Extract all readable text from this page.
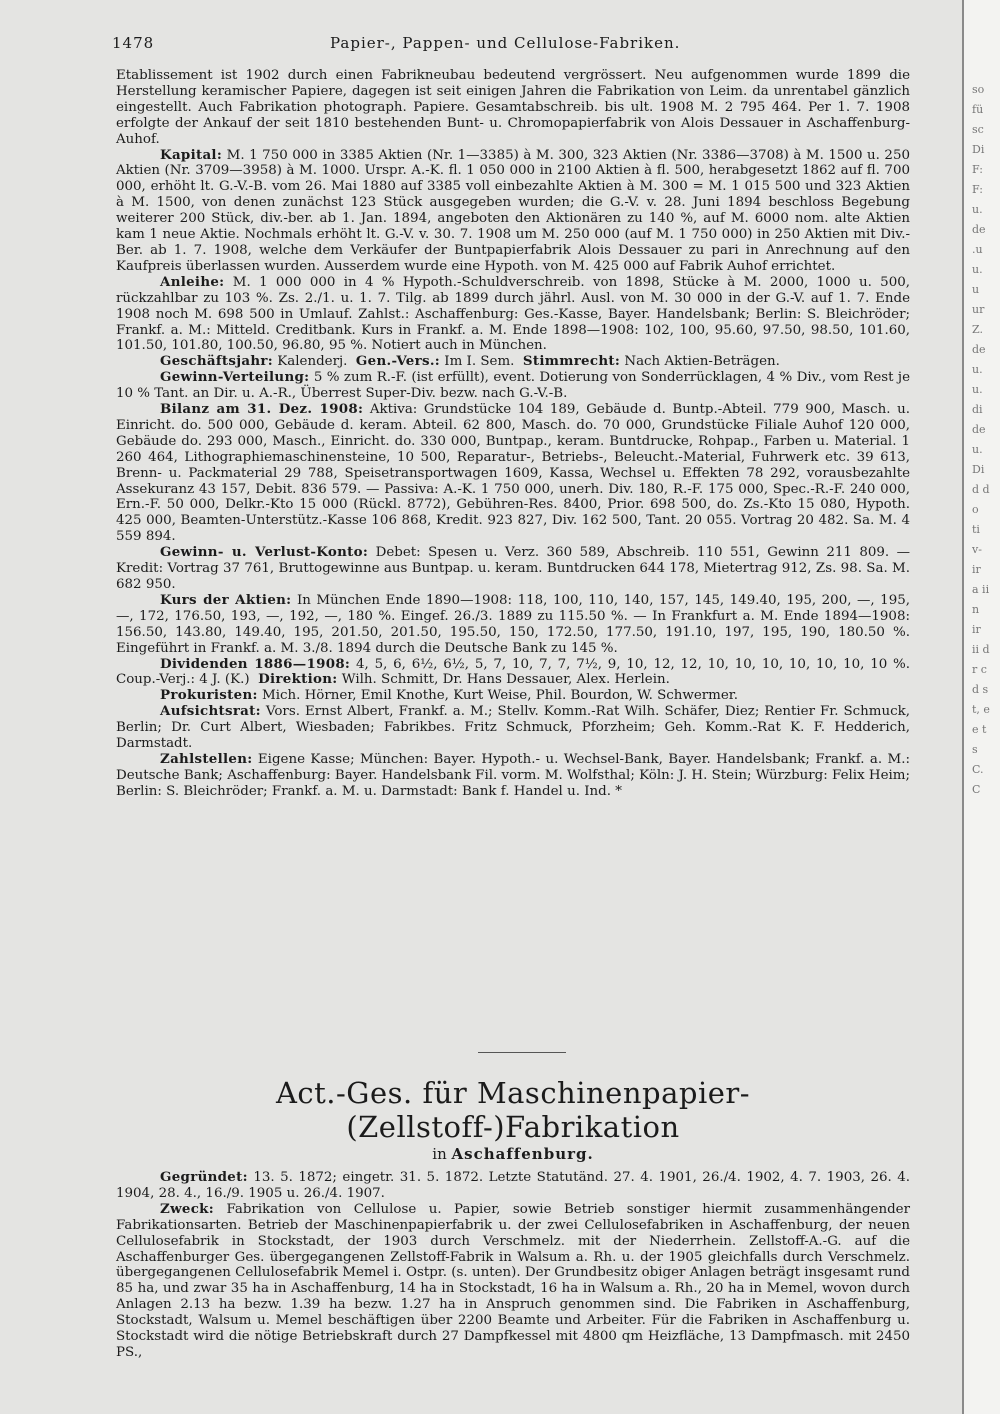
1478	Papier-, Pappen- und Cellulose-Fabriken.

Etablissement ist 1902 durch einen Fabrikneubau bedeutend vergrössert. Neu aufgenommen wurde 1899 die Herstellung keramischer Papiere, dagegen ist seit einigen Jahren die Fabrikation von Leim. da unrentabel gänzlich eingestellt. Auch Fabrikation photograph. Papiere. Gesamtabschreib. bis ult. 1908 M. 2 795 464. Per 1. 7. 1908 erfolgte der Ankauf der seit 1810 bestehenden Bunt- u. Chromopapierfabrik von Alois Dessauer in Aschaffenburg-Auhof.

Kapital: M. 1 750 000 in 3385 Aktien (Nr. 1—3385) à M. 300, 323 Aktien (Nr. 3386—3708) à M. 1500 u. 250 Aktien (Nr. 3709—3958) à M. 1000. Urspr. A.-K. fl. 1 050 000 in 2100 Aktien à fl. 500, herabgesetzt 1862 auf fl. 700 000, erhöht lt. G.-V.-B. vom 26. Mai 1880 auf 3385 voll einbezahlte Aktien à M. 300 = M. 1 015 500 und 323 Aktien à M. 1500, von denen zunächst 123 Stück ausgegeben wurden; die G.-V. v. 28. Juni 1894 beschloss Begebung weiterer 200 Stück, div.-ber. ab 1. Jan. 1894, angeboten den Aktionären zu 140 %, auf M. 6000 nom. alte Aktien kam 1 neue Aktie. Nochmals erhöht lt. G.-V. v. 30. 7. 1908 um M. 250 000 (auf M. 1 750 000) in 250 Aktien mit Div.-Ber. ab 1. 7. 1908, welche dem Verkäufer der Buntpapierfabrik Alois Dessauer zu pari in Anrechnung auf den Kaufpreis überlassen wurden. Ausserdem wurde eine Hypoth. von M. 425 000 auf Fabrik Auhof errichtet.

Anleihe: M. 1 000 000 in 4 % Hypoth.-Schuldverschreib. von 1898, Stücke à M. 2000, 1000 u. 500, rückzahlbar zu 103 %. Zs. 2./1. u. 1. 7. Tilg. ab 1899 durch jährl. Ausl. von M. 30 000 in der G.-V. auf 1. 7. Ende 1908 noch M. 698 500 in Umlauf. Zahlst.: Aschaffenburg: Ges.-Kasse, Bayer. Handelsbank; Berlin: S. Bleichröder; Frankf. a. M.: Mitteld. Creditbank. Kurs in Frankf. a. M. Ende 1898—1908: 102, 100, 95.60, 97.50, 98.50, 101.60, 101.50, 101.80, 100.50, 96.80, 95 %. Notiert auch in München.

Geschäftsjahr: Kalenderj. Gen.-Vers.: Im I. Sem. Stimmrecht: Nach Aktien-Beträgen.

Gewinn-Verteilung: 5 % zum R.-F. (ist erfüllt), event. Dotierung von Sonderrücklagen, 4 % Div., vom Rest je 10 % Tant. an Dir. u. A.-R., Überrest Super-Div. bezw. nach G.-V.-B.

Bilanz am 31. Dez. 1908: Aktiva: Grundstücke 104 189, Gebäude d. Buntp.-Abteil. 779 900, Masch. u. Einricht. do. 500 000, Gebäude d. keram. Abteil. 62 800, Masch. do. 70 000, Grundstücke Filiale Auhof 120 000, Gebäude do. 293 000, Masch., Einricht. do. 330 000, Buntpap., keram. Buntdrucke, Rohpap., Farben u. Material. 1 260 464, Lithographiemaschinensteine, 10 500, Reparatur-, Betriebs-, Beleucht.-Material, Fuhrwerk etc. 39 613, Brenn- u. Packmaterial 29 788, Speisetransportwagen 1609, Kassa, Wechsel u. Effekten 78 292, vorausbezahlte Assekuranz 43 157, Debit. 836 579. — Passiva: A.-K. 1 750 000, unerh. Div. 180, R.-F. 175 000, Spec.-R.-F. 240 000, Ern.-F. 50 000, Delkr.-Kto 15 000 (Rückl. 8772), Gebühren-Res. 8400, Prior. 698 500, do. Zs.-Kto 15 080, Hypoth. 425 000, Beamten-Unterstütz.-Kasse 106 868, Kredit. 923 827, Div. 162 500, Tant. 20 055. Vortrag 20 482. Sa. M. 4 559 894.

Gewinn- u. Verlust-Konto: Debet: Spesen u. Verz. 360 589, Abschreib. 110 551, Gewinn 211 809. — Kredit: Vortrag 37 761, Bruttogewinne aus Buntpap. u. keram. Buntdrucken 644 178, Mietertrag 912, Zs. 98. Sa. M. 682 950.

Kurs der Aktien: In München Ende 1890—1908: 118, 100, 110, 140, 157, 145, 149.40, 195, 200, —, 195, —, 172, 176.50, 193, —, 192, —, 180 %. Eingef. 26./3. 1889 zu 115.50 %. — In Frankfurt a. M. Ende 1894—1908: 156.50, 143.80, 149.40, 195, 201.50, 201.50, 195.50, 150, 172.50, 177.50, 191.10, 197, 195, 190, 180.50 %. Eingeführt in Frankf. a. M. 3./8. 1894 durch die Deutsche Bank zu 145 %.

Dividenden 1886—1908: 4, 5, 6, 6½, 6½, 5, 7, 10, 7, 7, 7½, 9, 10, 12, 12, 10, 10, 10, 10, 10, 10, 10 %. Coup.-Verj.: 4 J. (K.) Direktion: Wilh. Schmitt, Dr. Hans Dessauer, Alex. Herlein.

Prokuristen: Mich. Hörner, Emil Knothe, Kurt Weise, Phil. Bourdon, W. Schwermer.

Aufsichtsrat: Vors. Ernst Albert, Frankf. a. M.; Stellv. Komm.-Rat Wilh. Schäfer, Diez; Rentier Fr. Schmuck, Berlin; Dr. Curt Albert, Wiesbaden; Fabrikbes. Fritz Schmuck, Pforzheim; Geh. Komm.-Rat K. F. Hedderich, Darmstadt.

Zahlstellen: Eigene Kasse; München: Bayer. Hypoth.- u. Wechsel-Bank, Bayer. Handelsbank; Frankf. a. M.: Deutsche Bank; Aschaffenburg: Bayer. Handelsbank Fil. vorm. M. Wolfsthal; Köln: J. H. Stein; Würzburg: Felix Heim; Berlin: S. Bleichröder; Frankf. a. M. u. Darmstadt: Bank f. Handel u. Ind. *

Act.-Ges. für Maschinenpapier-(Zellstoff-)Fabrikation

in Aschaffenburg.

Gegründet: 13. 5. 1872; eingetr. 31. 5. 1872. Letzte Statutänd. 27. 4. 1901, 26./4. 1902, 4. 7. 1903, 26. 4. 1904, 28. 4., 16./9. 1905 u. 26./4. 1907.

Zweck: Fabrikation von Cellulose u. Papier, sowie Betrieb sonstiger hiermit zusammenhängender Fabrikationsarten. Betrieb der Maschinenpapierfabrik u. der zwei Cellulosefabriken in Aschaffenburg, der neuen Cellulosefabrik in Stockstadt, der 1903 durch Verschmelz. mit der Niederrhein. Zellstoff-A.-G. auf die Aschaffenburger Ges. übergegangenen Zellstoff-Fabrik in Walsum a. Rh. u. der 1905 gleichfalls durch Verschmelz. übergegangenen Cellulosefabrik Memel i. Ostpr. (s. unten). Der Grundbesitz obiger Anlagen beträgt insgesamt rund 85 ha, und zwar 35 ha in Aschaffenburg, 14 ha in Stockstadt, 16 ha in Walsum a. Rh., 20 ha in Memel, wovon durch Anlagen 2.13 ha bezw. 1.39 ha bezw. 1.27 ha in Anspruch genommen sind. Die Fabriken in Aschaffenburg, Stockstadt, Walsum u. Memel beschäftigen über 2200 Beamte und Arbeiter. Für die Fabriken in Aschaffenburg u. Stockstadt wird die nötige Betriebskraft durch 27 Dampfkessel mit 4800 qm Heizfläche, 13 Dampfmasch. mit 2450 PS.,

so fü sc Di F: F: u. de .u u. u ur Z. de u. u. di de u. Di d d o ti v- ir a ii n ir ii d r c d s t, e e t s C. C
